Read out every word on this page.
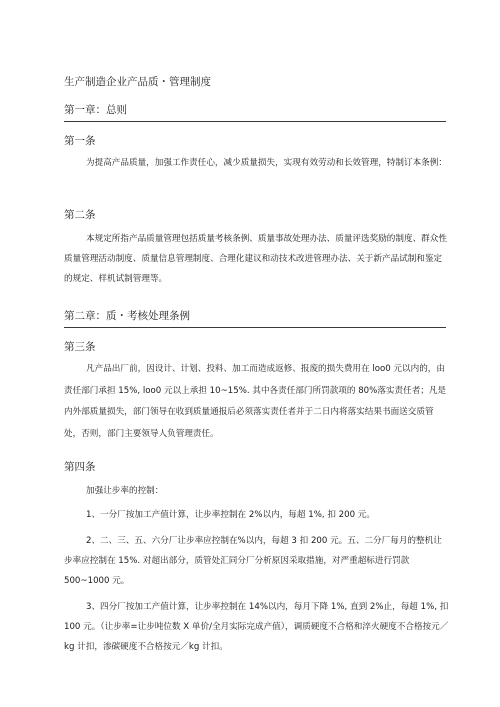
生产制造企业产品质・管理制度
第一章：总则
第一条

为提高产品质量，加强工作责任心，减少质量损失，实现有效劳动和长效管理，特制订本条例：

第二条

本规定所指产品质量管理包括质量考核条例、质量事故处理办法、质量评选奖励的制度、群众性质量管理活动制度、质量信息管理制度、合理化建议和动技术改进管理办法、关于新产品试制和鉴定的规定、样机试制管理等。

第二章：质・考核处理条例
第三条

凡产品出厂前，因设计、计划、投料、加工而造成返修、报废的损失费用在 loo0 元以内的，由责任部门承担 15%, loo0 元以上承担 10~15%. 其中各责任部门所罚款项的 80%落实责任者；凡是内外部质量损失，部门领导在收到质量通报后必须落实责任者并于二日内将落实结果书面送交质管处，否则，部门主要领导人负管理责任。

第四条

加强让步率的控制：

1、一分厂按加工产值计算，让步率控制在 2%以内，每超 1%, 扣 200 元。

2、二、三、五、六分厂让步率应控制在%以内，每超 3 扣 200 元。五、二分厂每月的整机让步率应控制在 15%. 对超出部分，质管处汇同分厂分析原因采取措施，对严重超标进行罚款 500~1000 元。

3、四分厂按加工产值计算，让步率控制在 14%以内，每月下降 1%, 直到 2%止，每超 1%, 扣 100 元。（让步率=让步吨位数 X 单价/全月实际完成产值），调质硬度不合格和淬火硬度不合格按元／kg 计扣，渗碳硬度不合格按元／kg 计扣。
